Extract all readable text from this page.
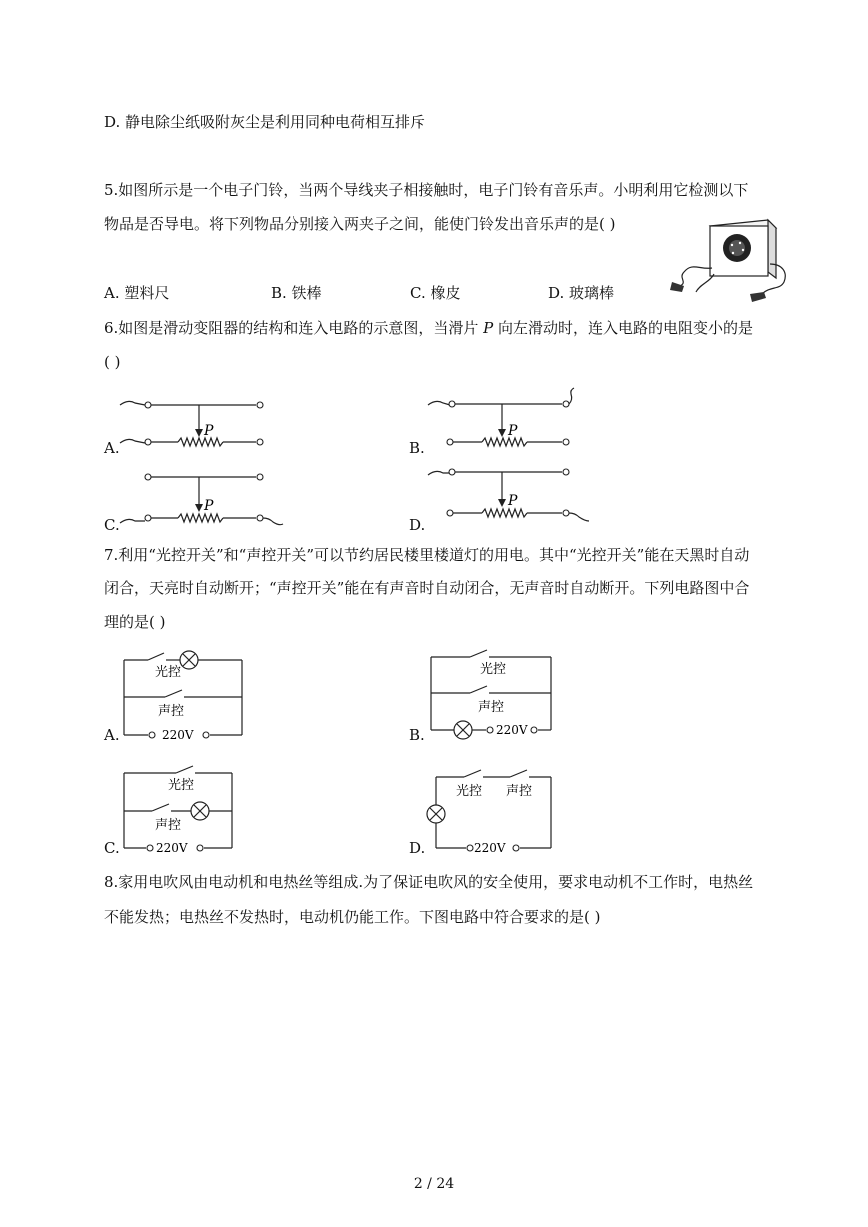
D. 静电除尘纸吸附灰尘是利用同种电荷相互排斥
5.如图所示是一个电子门铃，当两个导线夹子相接触时，电子门铃有音乐声。小明利用它检测以下
物品是否导电。将下列物品分别接入两夹子之间，能使门铃发出音乐声的是( )
A. 塑料尺	B. 铁棒	C. 橡皮	D. 玻璃棒
6.如图是滑动变阻器的结构和连入电路的示意图，当滑片 P 向左滑动时，连入电路的电阻变小的是
( )
P	P
P	P
A.	B.
C.	D.
7.利用“光控开关”和“声控开关”可以节约居民楼里楼道灯的用电。其中“光控开关”能在天黑时自动
闭合，天亮时自动断开；“声控开关”能在有声音时自动闭合，无声音时自动断开。下列电路图中合
理的是( )
光控
声控
220V
光控
声控
220V
光控
声控
220V
光控 声控
220V
A.	B.
C.	D.
8.家用电吹风由电动机和电热丝等组成.为了保证电吹风的安全使用，要求电动机不工作时，电热丝
不能发热；电热丝不发热时，电动机仍能工作。下图电路中符合要求的是( )
2 / 24
